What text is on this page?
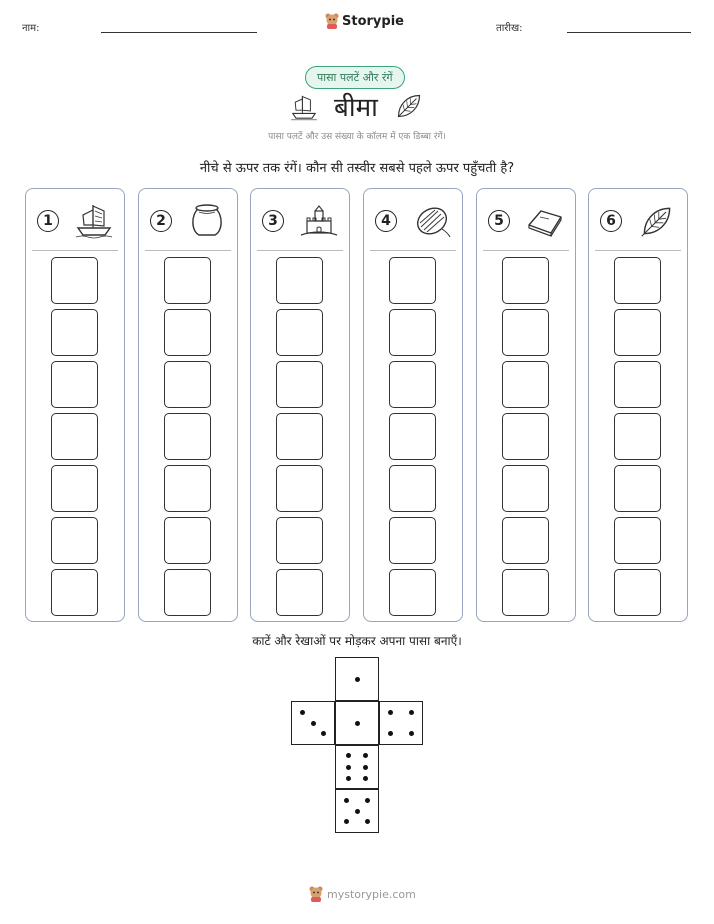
नाम:	Storypie	तारीख:
पासा पलटें और रंगें
बीमा
पासा पलटें और उस संख्या के कॉलम में एक डिब्बा रंगें।
नीचे से ऊपर तक रंगें। कौन सी तस्वीर सबसे पहले ऊपर पहुँचती है?
1	2	3	4	5	6
काटें और रेखाओं पर मोड़कर अपना पासा बनाएँ।
mystorypie.com
